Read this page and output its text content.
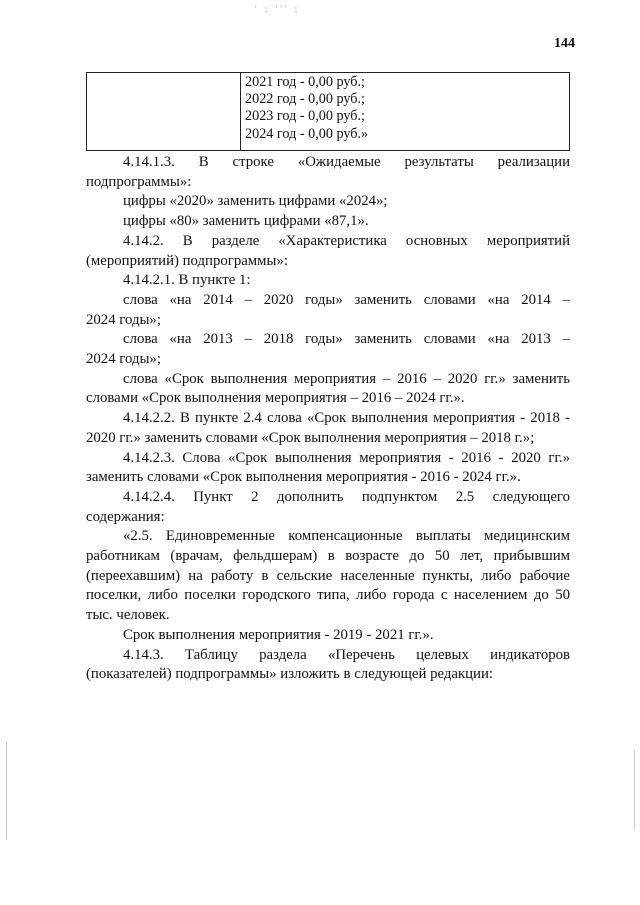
' : ''' ;
144

2021 год - 0,00 руб.;
2022 год - 0,00 руб.;
2023 год - 0,00 руб.;
2024 год - 0,00 руб.»

4.14.1.3. В строке «Ожидаемые результаты реализации
подпрограммы»:

цифры «2020» заменить цифрами «2024»;

цифры «80» заменить цифрами «87,1».

4.14.2. В разделе «Характеристика основных мероприятий
(мероприятий) подпрограммы»:

4.14.2.1. В пункте 1:

слова «на 2014 – 2020 годы» заменить словами «на 2014 –
2024 годы»;

слова «на 2013 – 2018 годы» заменить словами «на 2013 –
2024 годы»;

слова «Срок выполнения мероприятия – 2016 – 2020 гг.» заменить
словами «Срок выполнения мероприятия – 2016 – 2024 гг.».

4.14.2.2. В пункте 2.4 слова «Срок выполнения мероприятия - 2018 -
2020 гг.» заменить словами «Срок выполнения мероприятия – 2018 г.»;

4.14.2.3. Слова «Срок выполнения мероприятия - 2016 - 2020 гг.»
заменить словами «Срок выполнения мероприятия - 2016 - 2024 гг.».

4.14.2.4. Пункт 2 дополнить подпунктом 2.5 следующего
содержания:

«2.5. Единовременные компенсационные выплаты медицинским
работникам (врачам, фельдшерам) в возрасте до 50 лет, прибывшим
(переехавшим) на работу в сельские населенные пункты, либо рабочие
поселки, либо поселки городского типа, либо города с населением до 50
тыс. человек.

Срок выполнения мероприятия - 2019 - 2021 гг.».

4.14.3. Таблицу раздела «Перечень целевых индикаторов
(показателей) подпрограммы» изложить в следующей редакции:
